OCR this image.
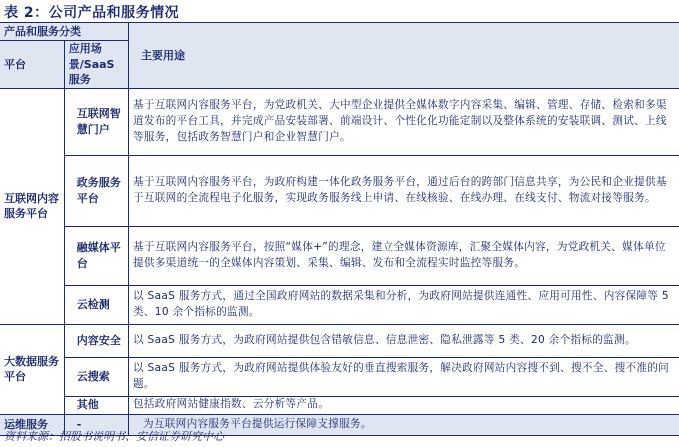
表 2：公司产品和服务情况
产品和服务分类		主要用途
平台	应用场景/SaaS 服务	
互联网内容服务平台	互联网智慧门户	基于互联网内容服务平台，为党政机关、大中型企业提供全媒体数字内容采集、编辑、管理、存储、检索和多渠道发布的平台工具，并完成产品安装部署、前端设计、个性化化功能定制以及整体系统的安装联调、测试、上线等服务，包括政务智慧门户和企业智慧门户。
	政务服务平台	基于互联网内容服务平台，为政府构建一体化政务服务平台，通过后台的跨部门信息共享，为公民和企业提供基于互联网的全流程电子化服务，实现政务服务线上申请、在线核验、在线办理、在线支付、物流对接等服务。
	融媒体平台	基于互联网内容服务平台，按照“媒体+”的理念，建立全媒体资源库，汇聚全媒体内容，为党政机关、媒体单位提供多渠道统一的全媒体内容策划、采集、编辑、发布和全流程实时监控等服务。
	云检测	以 SaaS 服务方式，通过全国政府网站的数据采集和分析，为政府网站提供连通性、应用可用性、内容保障等 5 类、10 余个指标的监测。
大数据服务平台	内容安全	以 SaaS 服务方式，为政府网站提供包含错敏信息、信息泄密、隐私泄露等 5 类、20 余个指标的监测。
	云搜索	以 SaaS 服务方式，为政府网站提供体验友好的垂直搜索服务，解决政府网站内容搜不到、搜不全、搜不准的问题。
	其他	包括政府网站健康指数、云分析等产品。
运维服务	-	为互联网内容服务平台提供运行保障支撑服务。
资料来源：招股书说明书、安信证券研究中心
